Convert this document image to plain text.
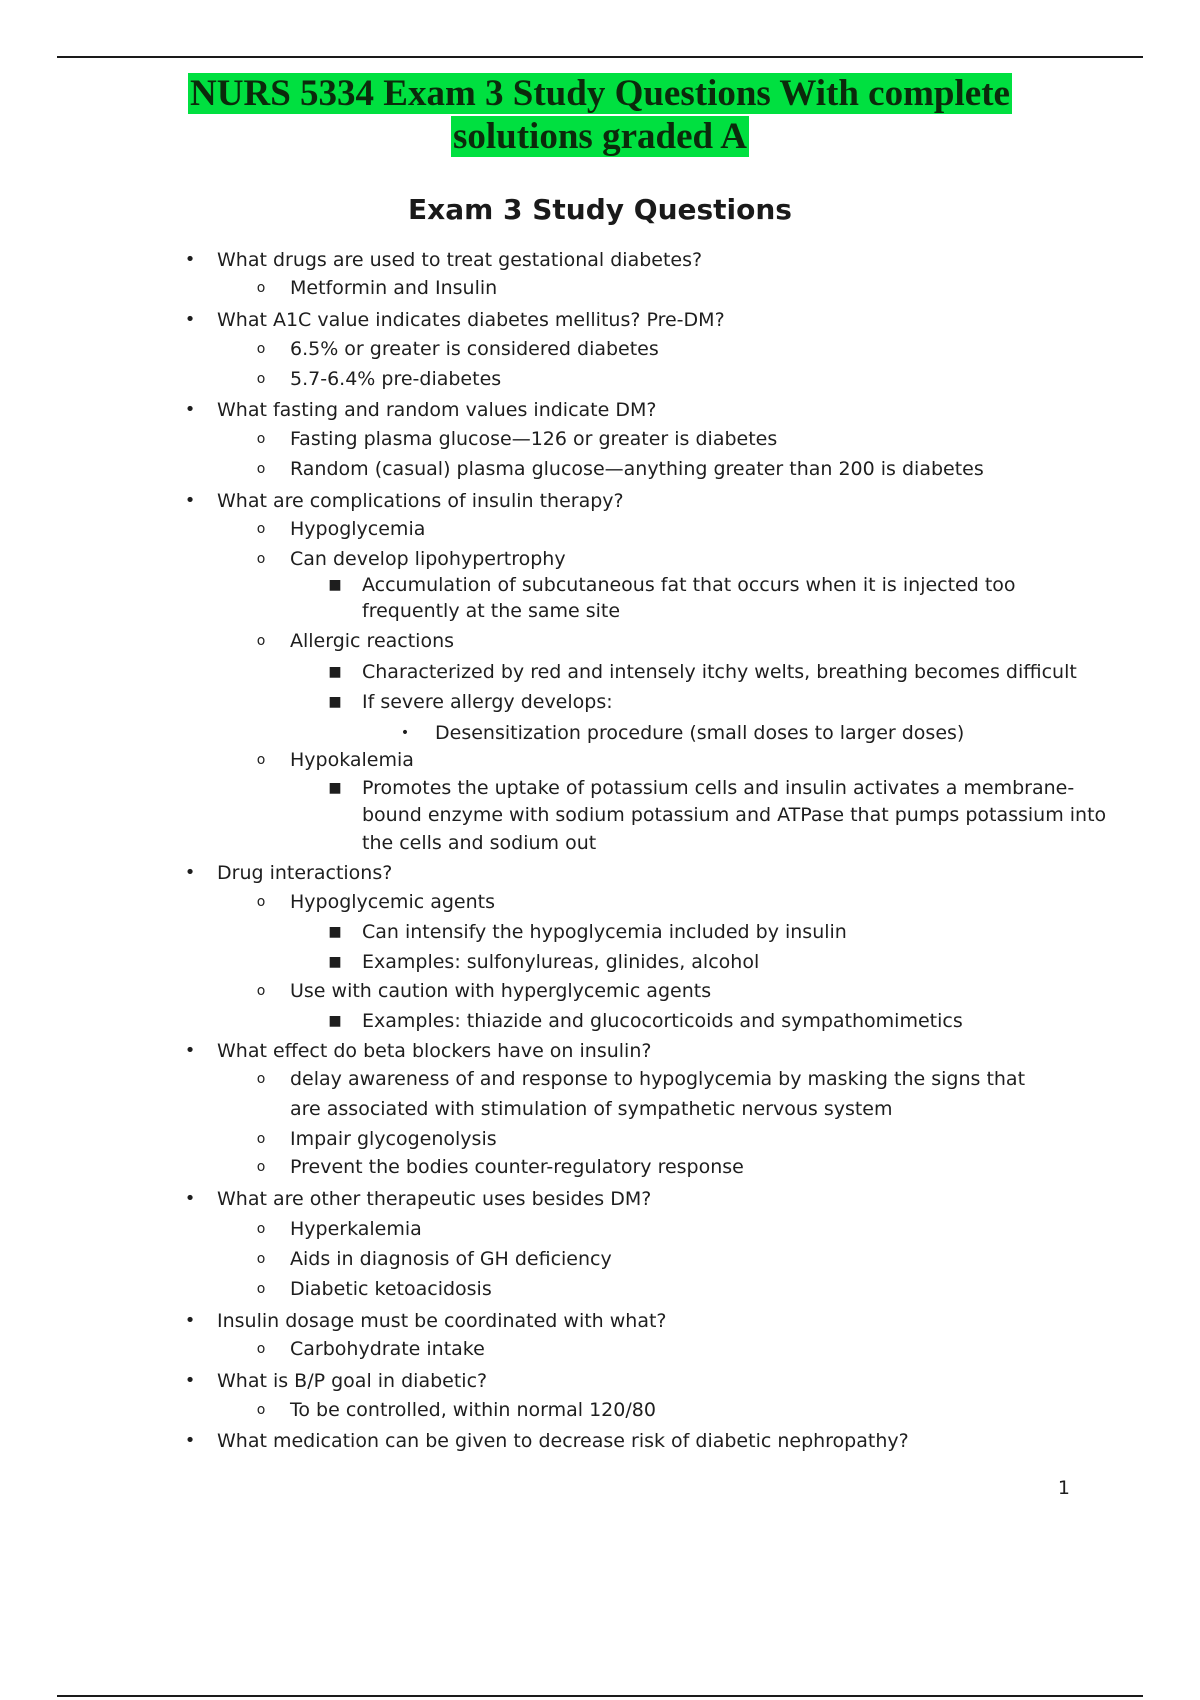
NURS 5334 Exam 3 Study Questions With complete
solutions graded A
Exam 3 Study Questions
• What drugs are used to treat gestational diabetes?
o	Metformin and Insulin
• What A1C value indicates diabetes mellitus? Pre-DM?
o	6.5% or greater is considered diabetes
o	5.7-6.4% pre-diabetes
• What fasting and random values indicate DM?
o	Fasting plasma glucose—126 or greater is diabetes
o	Random (casual) plasma glucose—anything greater than 200 is diabetes
• What are complications of insulin therapy?
o	Hypoglycemia
o	Can develop lipohypertrophy
■ Accumulation of subcutaneous fat that occurs when it is injected too
frequently at the same site
o	Allergic reactions
■ Characterized by red and intensely itchy welts, breathing becomes difficult
■ If severe allergy develops:
•	Desensitization procedure (small doses to larger doses)
o	Hypokalemia
■ Promotes the uptake of potassium cells and insulin activates a membrane-
bound enzyme with sodium potassium and ATPase that pumps potassium into
the cells and sodium out
• Drug interactions?
o	Hypoglycemic agents
■ Can intensify the hypoglycemia included by insulin
■ Examples: sulfonylureas, glinides, alcohol
o	Use with caution with hyperglycemic agents
■ Examples: thiazide and glucocorticoids and sympathomimetics
• What effect do beta blockers have on insulin?
o	delay awareness of and response to hypoglycemia by masking the signs that
are associated with stimulation of sympathetic nervous system
o	Impair glycogenolysis
o	Prevent the bodies counter-regulatory response
• What are other therapeutic uses besides DM?
o	Hyperkalemia
o	Aids in diagnosis of GH deficiency
o	Diabetic ketoacidosis
• Insulin dosage must be coordinated with what?
o	Carbohydrate intake
• What is B/P goal in diabetic?
o	To be controlled, within normal 120/80
• What medication can be given to decrease risk of diabetic nephropathy?
1
